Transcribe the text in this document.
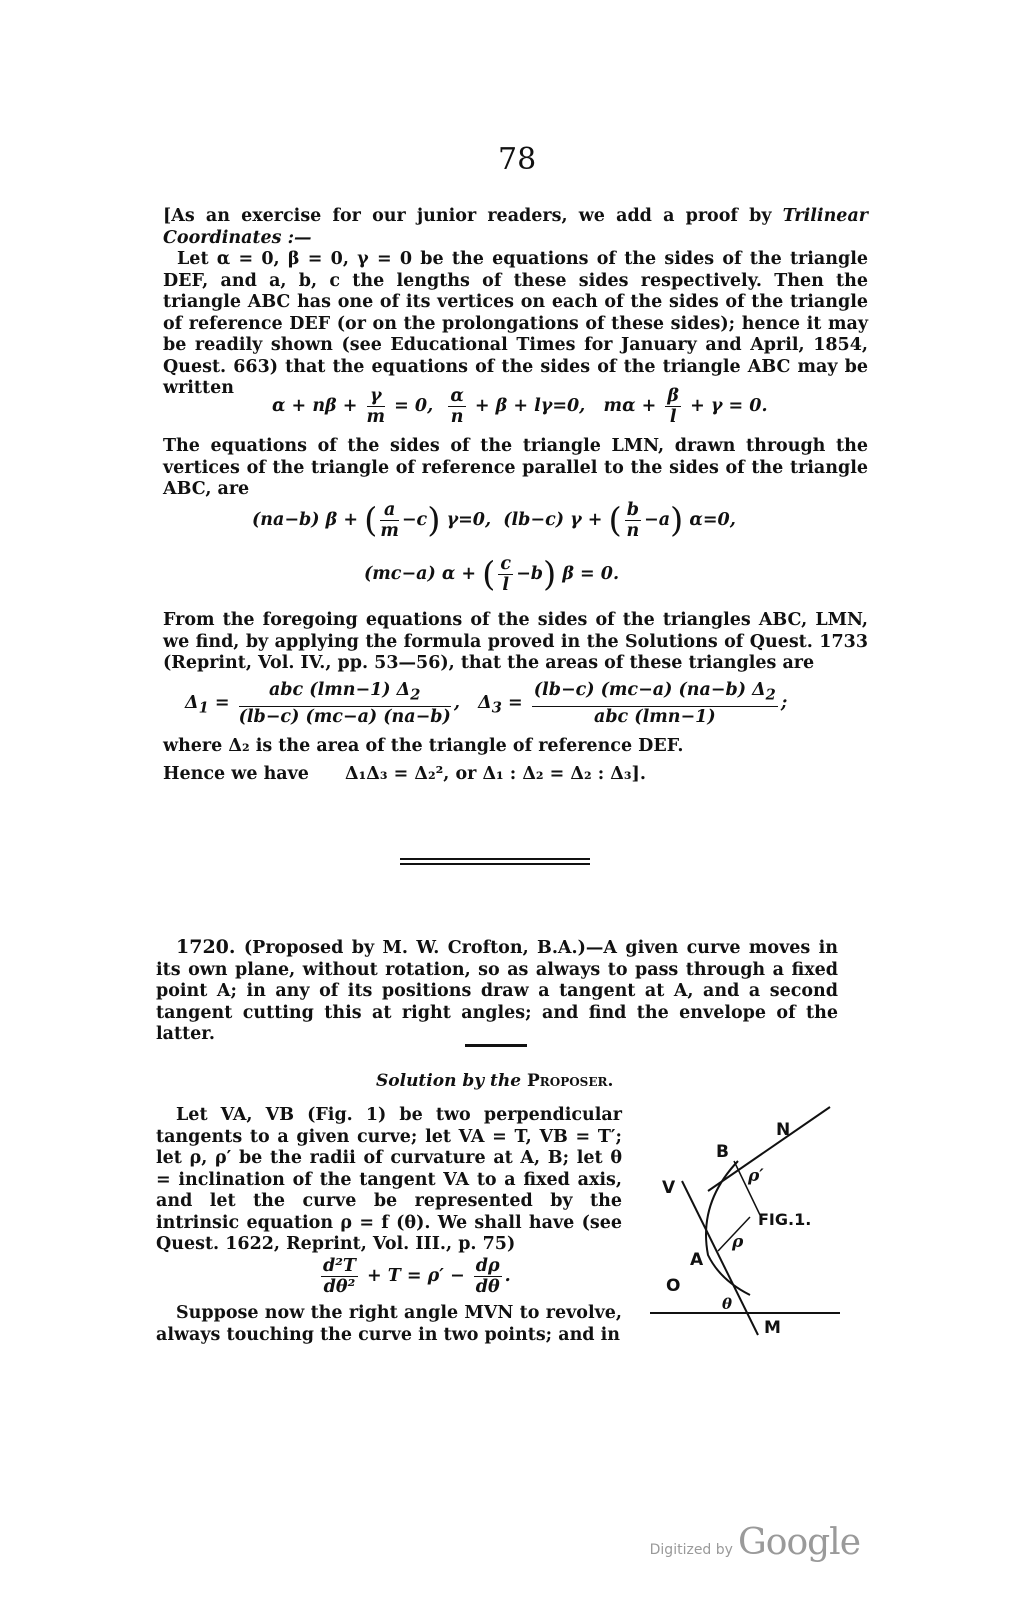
78
[As an exercise for our junior readers, we add a proof by Trilinear Coordinates :—
Let α = 0, β = 0, γ = 0 be the equations of the sides of the triangle DEF, and a, b, c the lengths of these sides respectively. Then the triangle ABC has one of its vertices on each of the sides of the triangle of reference DEF (or on the prolongations of these sides); hence it may be readily shown (see Educational Times for January and April, 1854, Quest. 663) that the equations of the sides of the triangle ABC may be written
$\alpha + n\beta + \frac{\gamma}{m} = 0$, $\frac{\alpha}{n} + \beta + l\gamma=0$,   $m\alpha + \frac{\beta}{l} + \gamma = 0$.
The equations of the sides of the triangle LMN, drawn through the vertices of the triangle of reference parallel to the sides of the triangle ABC, are
(na−b) β + ( $\frac{a}{m} -c$) γ=0,  (lb−c) γ + ( $\frac{b}{n} -a$) α=0,
(mc−a) α + ( $\frac{c}{l} -b$) β = 0.
From the foregoing equations of the sides of the triangles ABC, LMN, we find, by applying the formula proved in the Solutions of Quest. 1733 (Reprint, Vol. IV., pp. 53—56), that the areas of these triangles are
$\Delta_1 = \frac{abc (lmn-1) \Delta_2}{(lb-c) (mc-a) (na-b)}$ ,   $\Delta_3 = \frac{(lb-c) (mc-a) (na-b) \Delta_2}{\text{abc (lmn−1)}}$ ;
where Δ₂ is the area of the triangle of reference DEF.
Hence we have Δ₁Δ₃ = Δ₂², or Δ₁ : Δ₂ = Δ₂ : Δ₃].
1720. (Proposed by M. W. Crofton, B.A.)—A given curve moves in its own plane, without rotation, so as always to pass through a fixed point A; in any of its positions draw a tangent at A, and a second tangent cutting this at right angles; and find the envelope of the latter.
Solution by the Proposer.
Let VA, VB (Fig. 1) be two perpendicular tangents to a given curve; let VA = T, VB = T′; let ρ, ρ′ be the radii of curvature at A, B; let θ = inclination of the tangent VA to a fixed axis, and let the curve be represented by the intrinsic equation ρ = f (θ). We shall have (see Quest. 1622, Reprint, Vol. III., p. 75)
$\frac{\text{d²T}}{\text{dθ²}} + T = \rho' - \frac{d\rho}{d\theta}$ .
Suppose now the right angle MVN to revolve, always touching the curve in two points; and in
N
B
V
ρ′
ρ
A
O
θ
M
FIG.1.
Digitized by Google
